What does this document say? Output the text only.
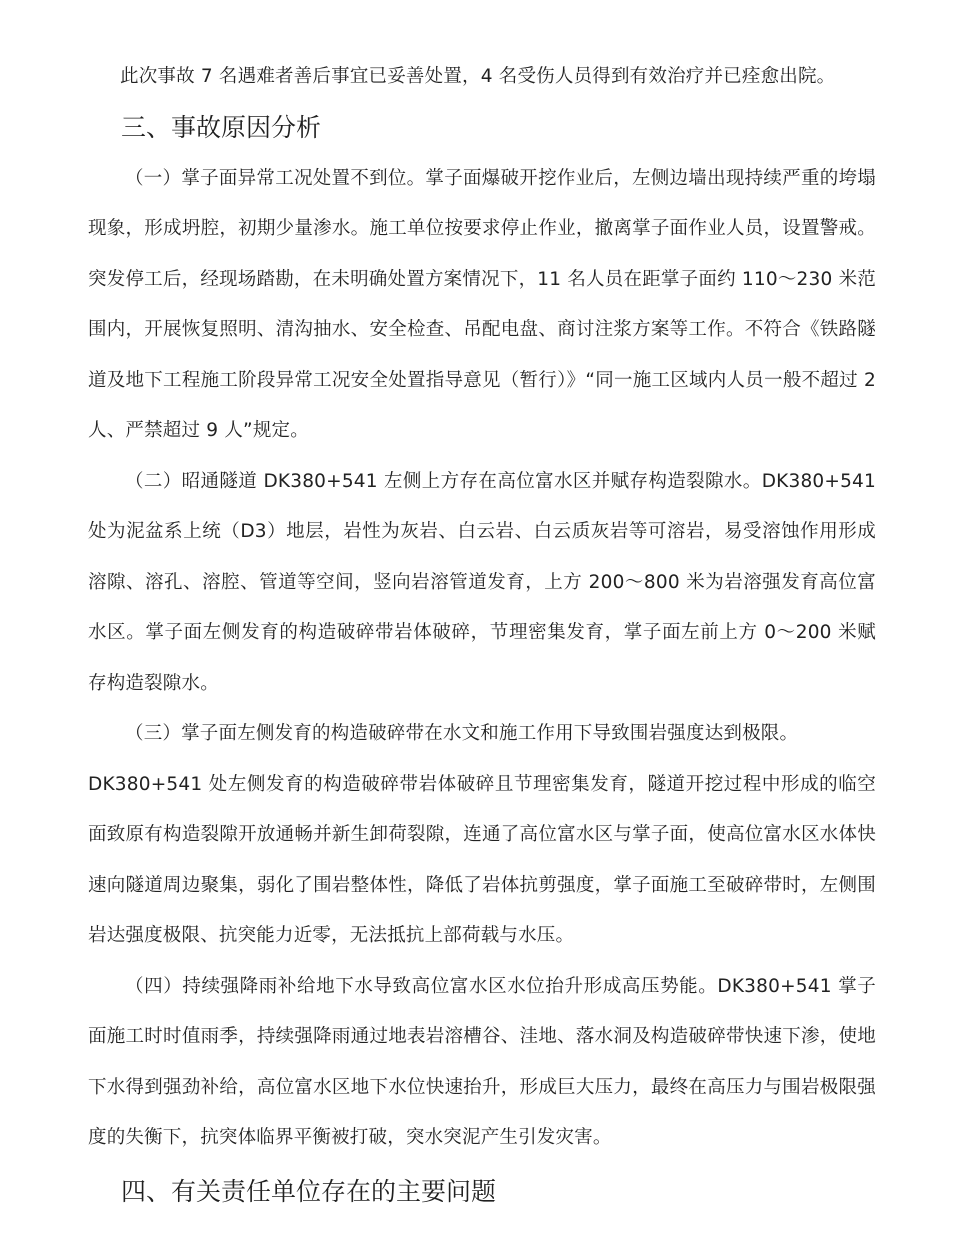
此次事故 7 名遇难者善后事宜已妥善处置，4 名受伤人员得到有效治疗并已痊愈出院。

三、事故原因分析

（一）掌子面异常工况处置不到位。掌子面爆破开挖作业后，左侧边墙出现持续严重的垮塌现象，形成坍腔，初期少量渗水。施工单位按要求停止作业，撤离掌子面作业人员，设置警戒。突发停工后，经现场踏勘，在未明确处置方案情况下，11 名人员在距掌子面约 110～230 米范围内，开展恢复照明、清沟抽水、安全检查、吊配电盘、商讨注浆方案等工作。不符合《铁路隧道及地下工程施工阶段异常工况安全处置指导意见（暂行）》“同一施工区域内人员一般不超过 2 人、严禁超过 9 人”规定。

（二）昭通隧道 DK380+541 左侧上方存在高位富水区并赋存构造裂隙水。DK380+541 处为泥盆系上统（D3）地层，岩性为灰岩、白云岩、白云质灰岩等可溶岩，易受溶蚀作用形成溶隙、溶孔、溶腔、管道等空间，竖向岩溶管道发育，上方 200～800 米为岩溶强发育高位富水区。掌子面左侧发育的构造破碎带岩体破碎，节理密集发育，掌子面左前上方 0～200 米赋存构造裂隙水。

（三）掌子面左侧发育的构造破碎带在水文和施工作用下导致围岩强度达到极限。

DK380+541 处左侧发育的构造破碎带岩体破碎且节理密集发育，隧道开挖过程中形成的临空面致原有构造裂隙开放通畅并新生卸荷裂隙，连通了高位富水区与掌子面，使高位富水区水体快速向隧道周边聚集，弱化了围岩整体性，降低了岩体抗剪强度，掌子面施工至破碎带时，左侧围岩达强度极限、抗突能力近零，无法抵抗上部荷载与水压。

（四）持续强降雨补给地下水导致高位富水区水位抬升形成高压势能。DK380+541 掌子面施工时时值雨季，持续强降雨通过地表岩溶槽谷、洼地、落水洞及构造破碎带快速下渗，使地下水得到强劲补给，高位富水区地下水位快速抬升，形成巨大压力，最终在高压力与围岩极限强度的失衡下，抗突体临界平衡被打破，突水突泥产生引发灾害。

四、有关责任单位存在的主要问题
